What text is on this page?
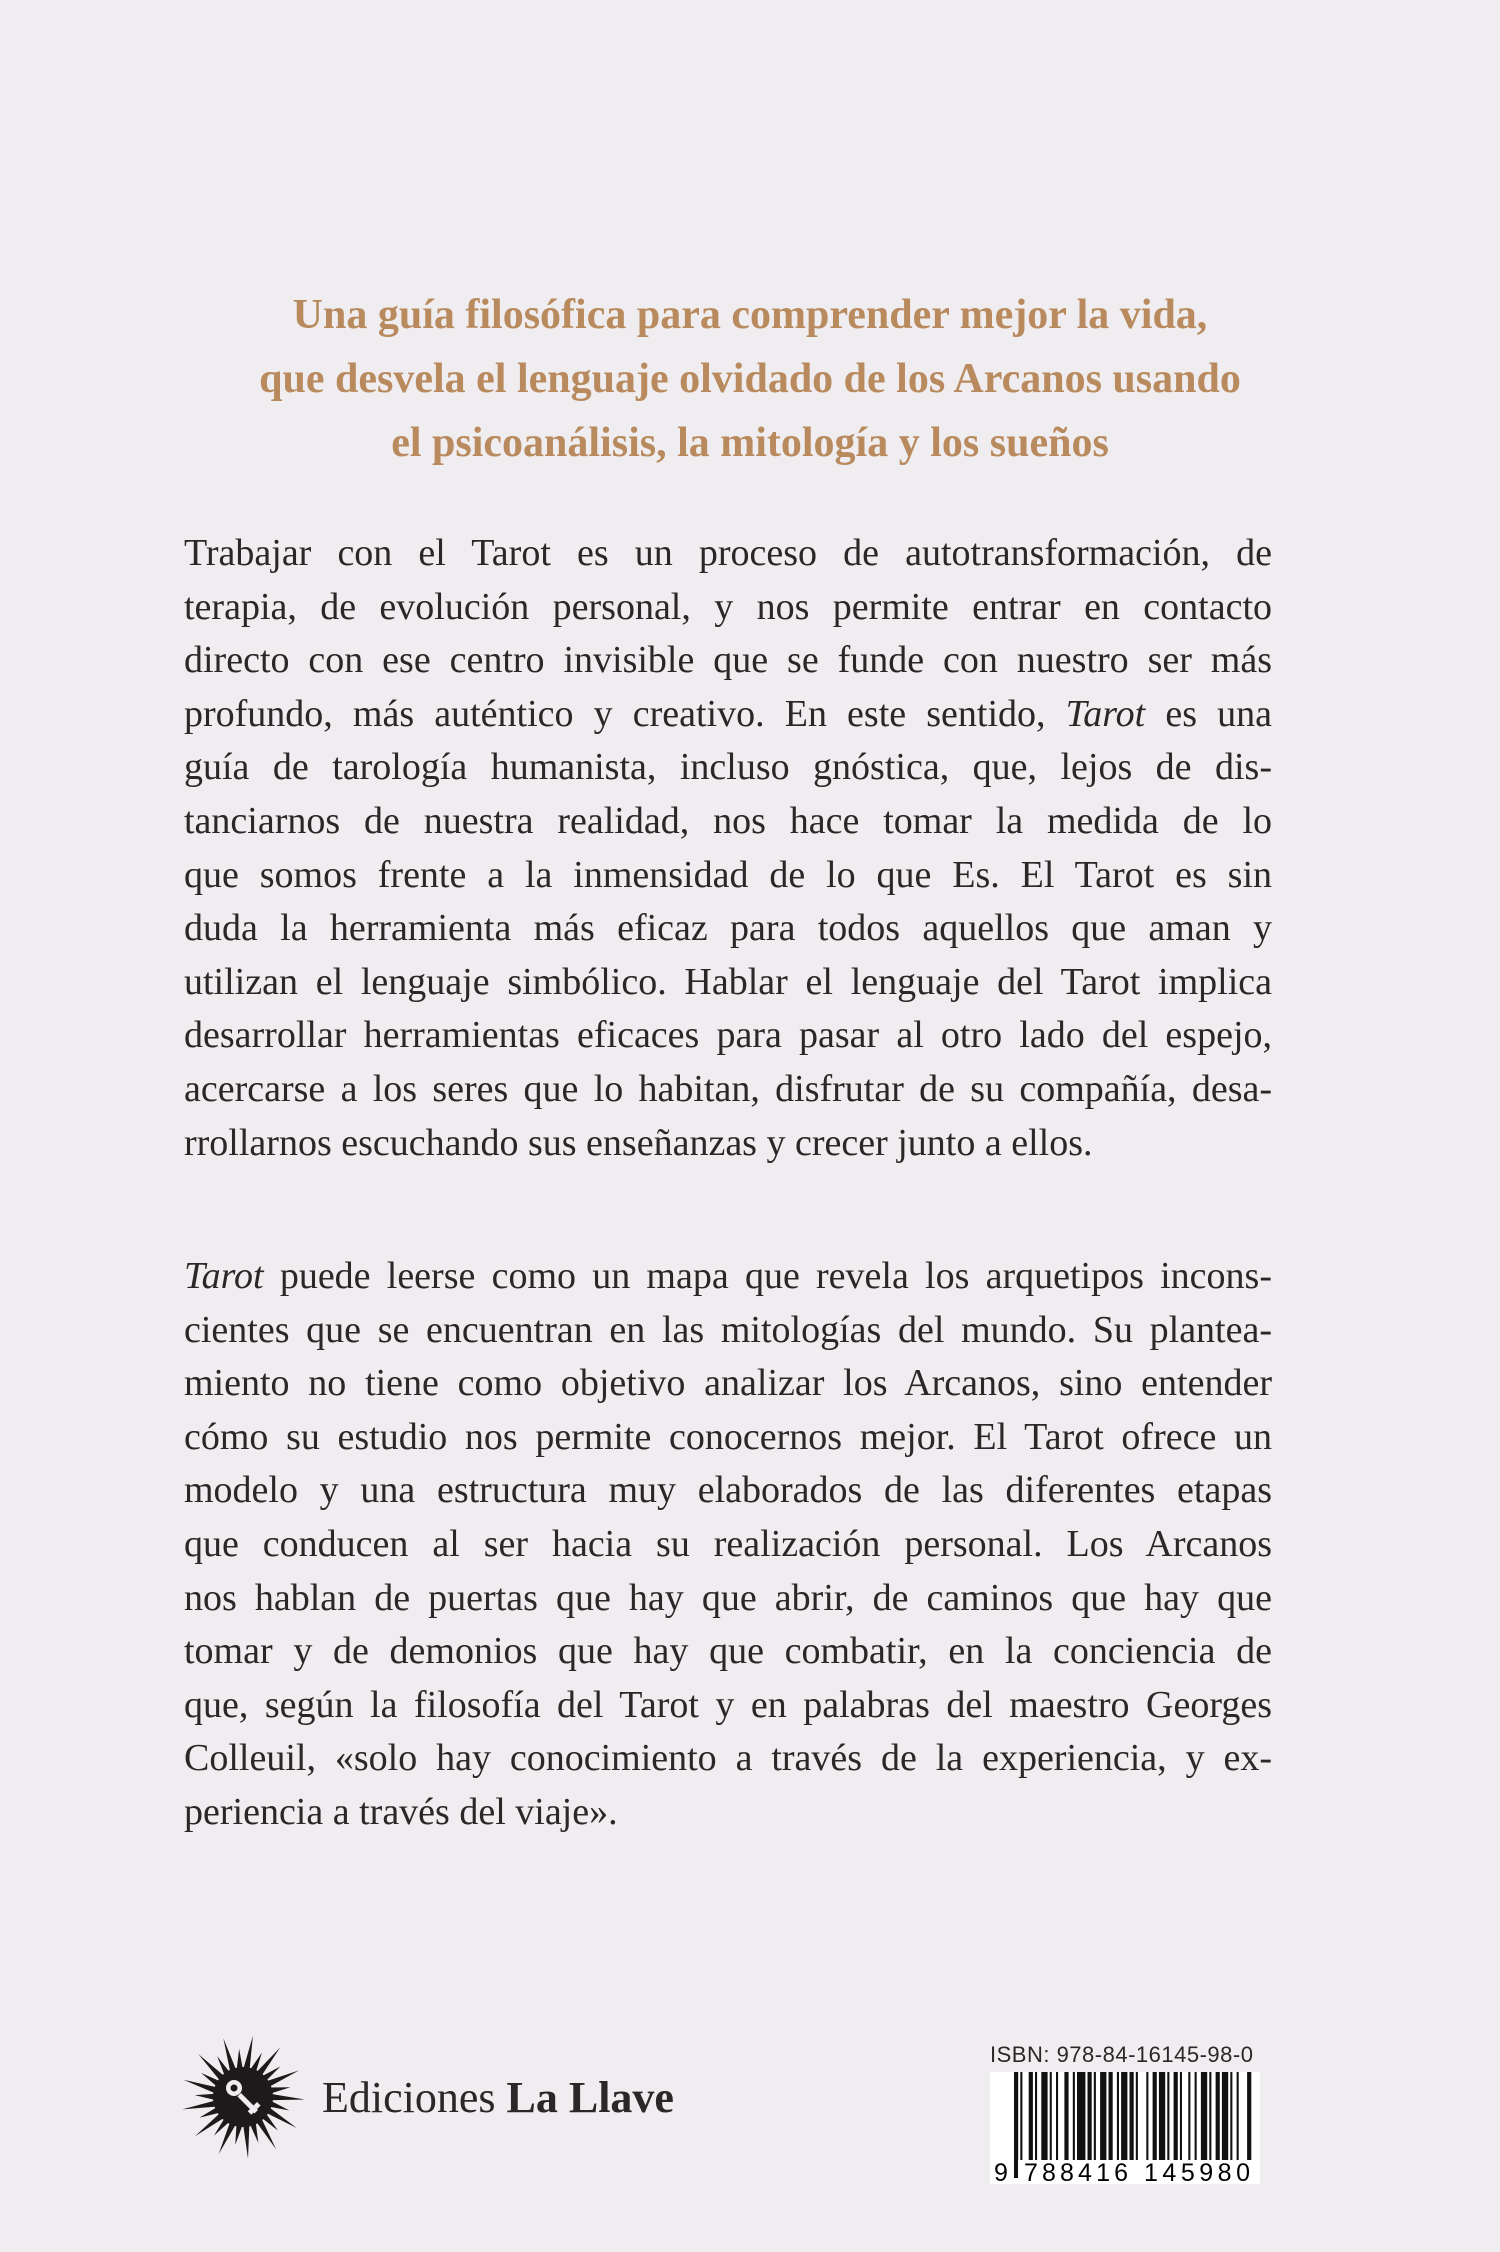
Una guía filosófica para comprender mejor la vida,
que desvela el lenguaje olvidado de los Arcanos usando
el psicoanálisis, la mitología y los sueños
Trabajar con el Tarot es un proceso de autotransformación, de
terapia, de evolución personal, y nos permite entrar en contacto
directo con ese centro invisible que se funde con nuestro ser más
profundo, más auténtico y creativo. En este sentido, Tarot es una
guía de tarología humanista, incluso gnóstica, que, lejos de dis-
tanciarnos de nuestra realidad, nos hace tomar la medida de lo
que somos frente a la inmensidad de lo que Es. El Tarot es sin
duda la herramienta más eficaz para todos aquellos que aman y
utilizan el lenguaje simbólico. Hablar el lenguaje del Tarot implica
desarrollar herramientas eficaces para pasar al otro lado del espejo,
acercarse a los seres que lo habitan, disfrutar de su compañía, desa-
rrollarnos escuchando sus enseñanzas y crecer junto a ellos.
Tarot puede leerse como un mapa que revela los arquetipos incons-
cientes que se encuentran en las mitologías del mundo. Su plantea-
miento no tiene como objetivo analizar los Arcanos, sino entender
cómo su estudio nos permite conocernos mejor. El Tarot ofrece un
modelo y una estructura muy elaborados de las diferentes etapas
que conducen al ser hacia su realización personal. Los Arcanos
nos hablan de puertas que hay que abrir, de caminos que hay que
tomar y de demonios que hay que combatir, en la conciencia de
que, según la filosofía del Tarot y en palabras del maestro Georges
Colleuil, «solo hay conocimiento a través de la experiencia, y ex-
periencia a través del viaje».
Ediciones La Llave
ISBN: 978-84-16145-98-0
9 788416 145980
